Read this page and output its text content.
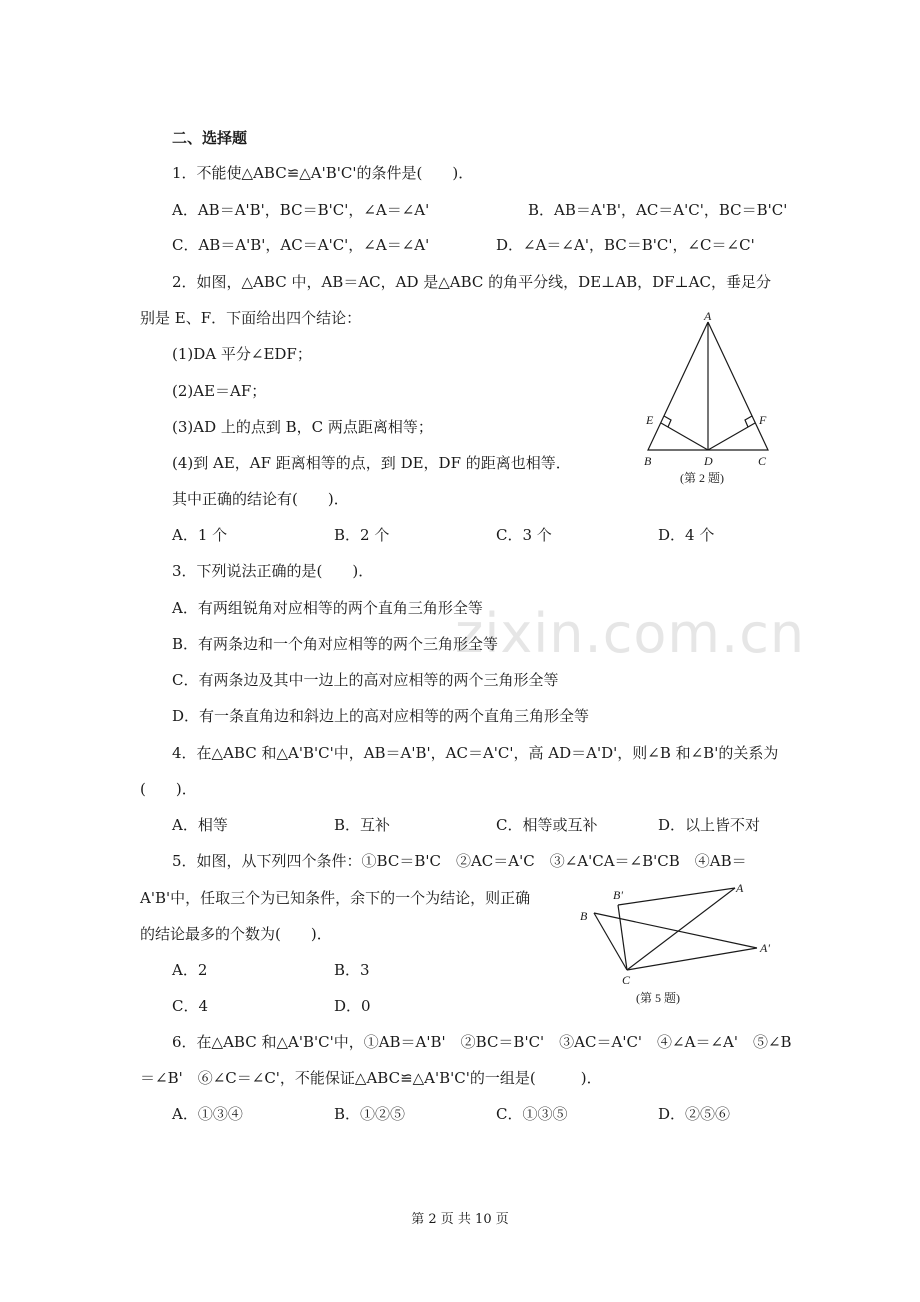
zixin.com.cn
二、选择题
1．不能使△ABC≌△A'B'C'的条件是(　　)．
A．AB＝A'B'，BC＝B'C'，∠A＝∠A'	B．AB＝A'B'，AC＝A'C'，BC＝B'C'
C．AB＝A'B'，AC＝A'C'，∠A＝∠A'	D．∠A＝∠A'，BC＝B'C'，∠C＝∠C'
2．如图，△ABC 中，AB＝AC，AD 是△ABC 的角平分线，DE⊥AB，DF⊥AC，垂足分
别是 E、F．下面给出四个结论：
(1)DA 平分∠EDF；
(2)AE＝AF；
(3)AD 上的点到 B，C 两点距离相等；
(4)到 AE，AF 距离相等的点，到 DE，DF 的距离也相等．
其中正确的结论有(　　)．
A．1 个	B．2 个	C．3 个	D．4 个
A
E	F
B	D	C
(第 2 题)
3．下列说法正确的是(　　)．
A．有两组锐角对应相等的两个直角三角形全等
B．有两条边和一个角对应相等的两个三角形全等
C．有两条边及其中一边上的高对应相等的两个三角形全等
D．有一条直角边和斜边上的高对应相等的两个直角三角形全等
4．在△ABC 和△A'B'C'中，AB＝A'B'，AC＝A'C'，高 AD＝A'D'，则∠B 和∠B'的关系为
(　　)．
A．相等	B．互补	C．相等或互补	D．以上皆不对
5．如图，从下列四个条件：①BC＝B'C　②AC＝A'C　③∠A'CA＝∠B'CB　④AB＝
A'B'中，任取三个为已知条件，余下的一个为结论，则正确
的结论最多的个数为(　　)．
A．2	B．3
C．4	D．0
B'	A
B
A'
C
(第 5 题)
6．在△ABC 和△A'B'C'中，①AB＝A'B'　②BC＝B'C'　③AC＝A'C'　④∠A＝∠A'　⑤∠B
＝∠B'　⑥∠C＝∠C'，不能保证△ABC≌△A'B'C'的一组是(　　　)．
A．①③④	B．①②⑤	C．①③⑤	D．②⑤⑥
第 2 页 共 10 页
